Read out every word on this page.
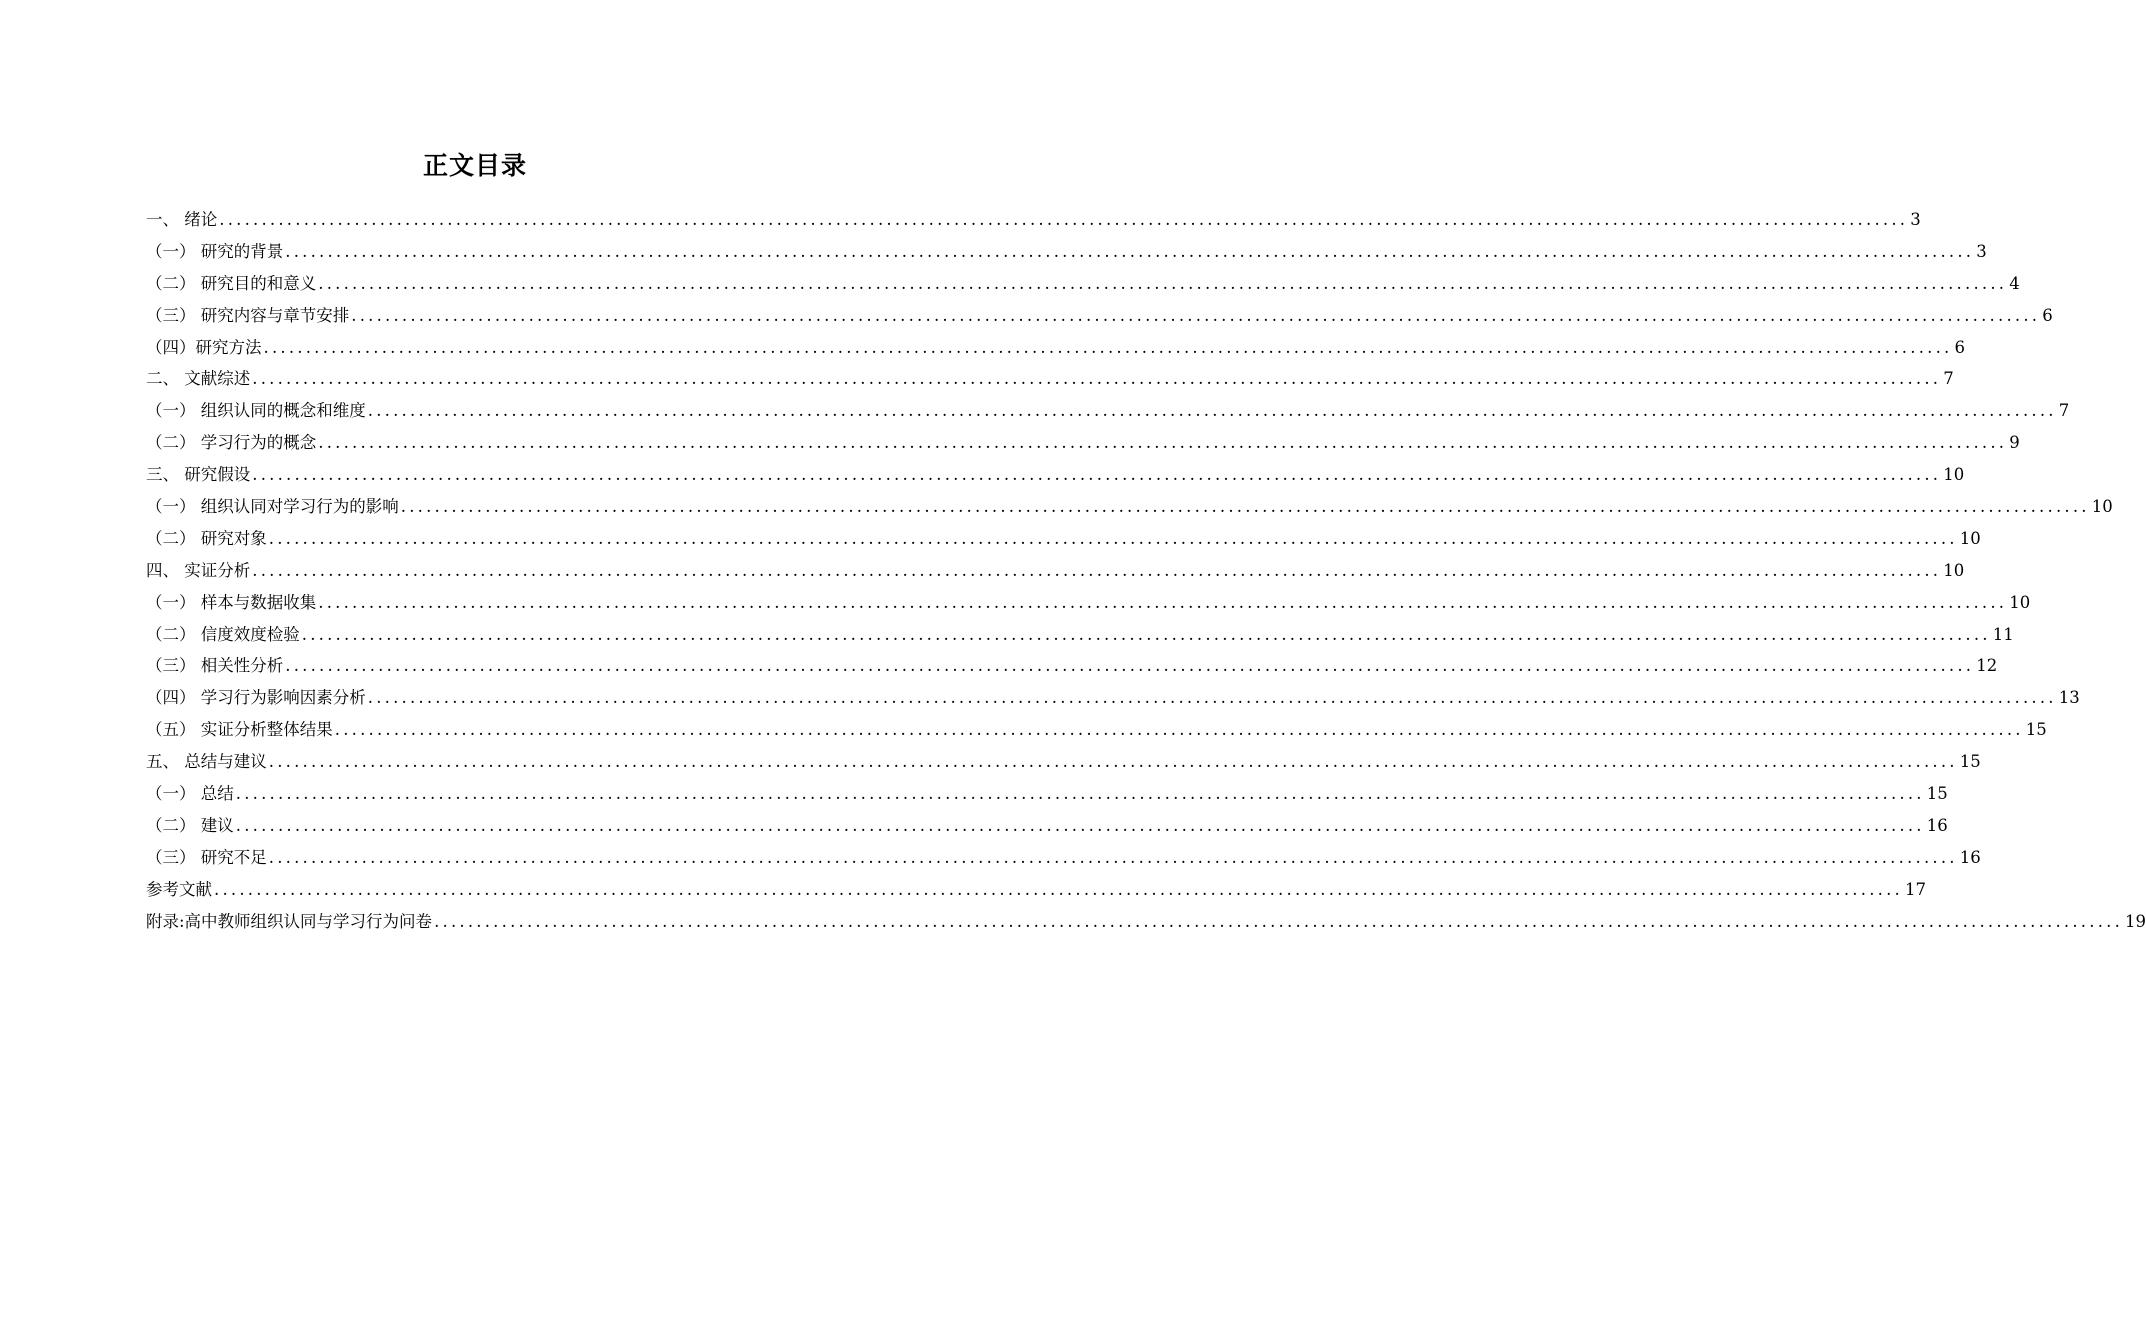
正文目录
一、 绪论 ........................................................................................................................................................................................................ 3
（一） 研究的背景 ........................................................................................................................................................................................................ 3
（二） 研究目的和意义 ........................................................................................................................................................................................................ 4
（三） 研究内容与章节安排 ........................................................................................................................................................................................................ 6
（四）研究方法 ........................................................................................................................................................................................................ 6
二、 文献综述 ........................................................................................................................................................................................................ 7
（一） 组织认同的概念和维度 ........................................................................................................................................................................................................ 7
（二） 学习行为的概念 ........................................................................................................................................................................................................ 9
三、 研究假设 ........................................................................................................................................................................................................ 10
（一） 组织认同对学习行为的影响 ........................................................................................................................................................................................................ 10
（二） 研究对象 ........................................................................................................................................................................................................ 10
四、 实证分析 ........................................................................................................................................................................................................ 10
（一） 样本与数据收集 ........................................................................................................................................................................................................ 10
（二） 信度效度检验 ........................................................................................................................................................................................................ 11
（三） 相关性分析 ........................................................................................................................................................................................................ 12
（四） 学习行为影响因素分析 ........................................................................................................................................................................................................ 13
（五） 实证分析整体结果 ........................................................................................................................................................................................................ 15
五、 总结与建议 ........................................................................................................................................................................................................ 15
（一） 总结 ........................................................................................................................................................................................................ 15
（二） 建议 ........................................................................................................................................................................................................ 16
（三） 研究不足 ........................................................................................................................................................................................................ 16
参考文献 ........................................................................................................................................................................................................ 17
附录:高中教师组织认同与学习行为问卷 ........................................................................................................................................................................................................ 19
